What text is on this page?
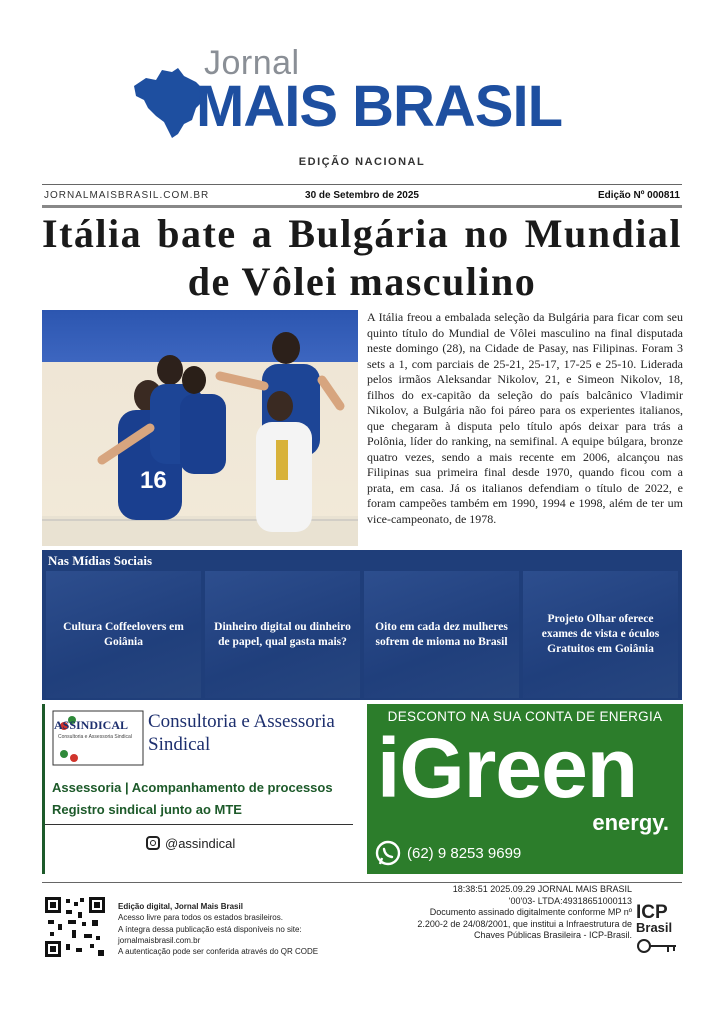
Jornal
MAIS BRASIL
EDIÇÃO NACIONAL
JORNALMAISBRASIL.COM.BR	30 de Setembro de 2025	Edição Nº 000811
Itália bate a Bulgária no Mundial de Vôlei masculino
16

A Itália freou a embalada seleção da Bulgária para ficar com seu quinto título do Mundial de Vôlei masculino na final disputada neste domingo (28), na Cidade de Pasay, nas Filipinas. Foram 3 sets a 1, com parciais de 25-21, 25-17, 17-25 e 25-10. Liderada pelos irmãos Aleksandar Nikolov, 21, e Simeon Nikolov, 18, filhos do ex-capitão da seleção do país balcânico Vladimir Nikolov, a Bulgária não foi páreo para os experientes italianos, que chegaram à disputa pelo título após deixar para trás a Polônia, líder do ranking, na semifinal. A equipe búlgara, bronze quatro vezes, sendo a mais recente em 2006, alcançou nas Filipinas sua primeira final desde 1970, quando ficou com a prata, em casa. Já os italianos defendiam o título de 2022, e foram campeões também em 1990, 1994 e 1998, além de ter um vice-campeonato, de 1978.

Nas Mídias Sociais
Cultura Coffeelovers em Goiânia
Dinheiro digital ou dinheiro de papel, qual gasta mais?
Oito em cada dez mulheres sofrem de mioma no Brasil
Projeto Olhar oferece exames de vista e óculos Gratuitos em Goiânia
ASSINDICAL
Consultoria e Assessoria Sindical
Consultoria e Assessoria Sindical
Assessoria | Acompanhamento de processos
Registro sindical junto ao MTE
@assindical
DESCONTO NA SUA CONTA DE ENERGIA
iGreen
energy.
(62) 9 8253 9699
Edição digital, Jornal Mais Brasil
Acesso livre para todos os estados brasileiros.
A íntegra dessa publicação está disponíveis no site:
jornalmaisbrasil.com.br
A autenticação pode ser conferida através do QR CODE
18:38:51 2025.09.29 JORNAL MAIS BRASIL
'00'03- LTDA:49318651000113
Documento assinado digitalmente conforme MP nº
2.200-2 de 24/08/2001, que institui a Infraestrutura de
Chaves Públicas Brasileira - ICP-Brasil.
ICP
Brasil
